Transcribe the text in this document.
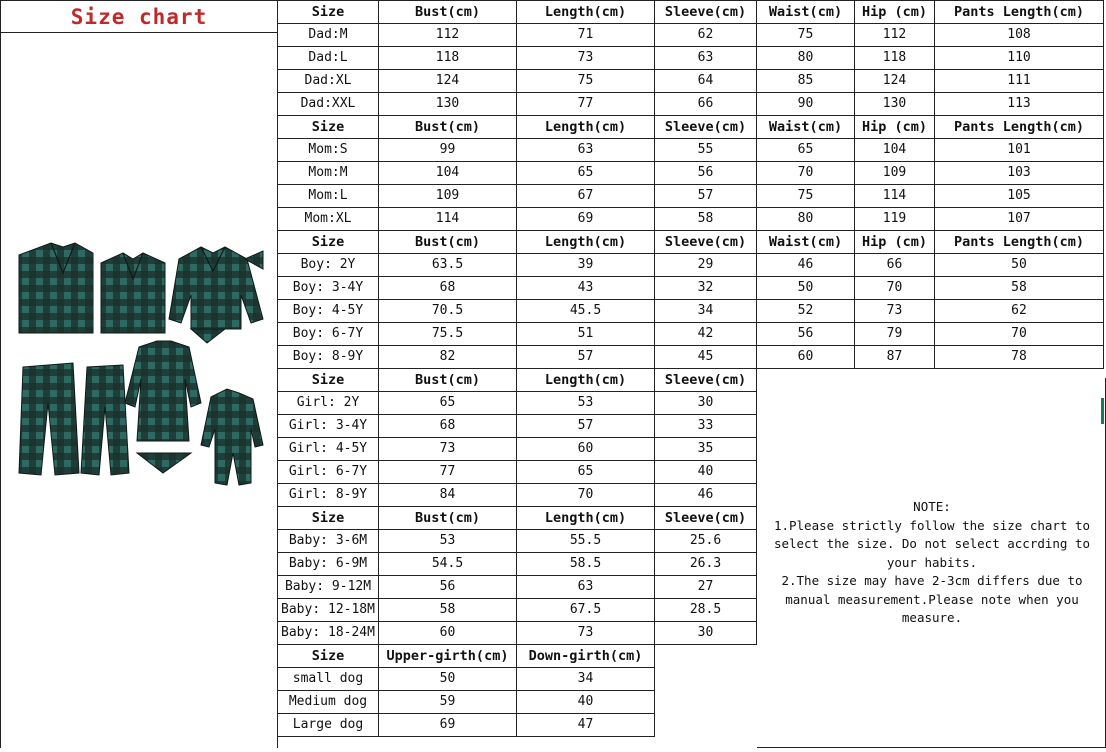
Size chart	Size	Bust(cm)	Length(cm)	Sleeve(cm)	Waist(cm)	Hip (cm)	Pants Length(cm)
Dad:M	112	71	62	75	112	108
Dad:L	118	73	63	80	118	110
Dad:XL	124	75	64	85	124	111
Dad:XXL	130	77	66	90	130	113
Size	Bust(cm)	Length(cm)	Sleeve(cm)	Waist(cm)	Hip (cm)	Pants Length(cm)
Mom:S	99	63	55	65	104	101
Mom:M	104	65	56	70	109	103
Mom:L	109	67	57	75	114	105
Mom:XL	114	69	58	80	119	107
Size	Bust(cm)	Length(cm)	Sleeve(cm)	Waist(cm)	Hip (cm)	Pants Length(cm)
Boy: 2Y	63.5	39	29	46	66	50
Boy: 3-4Y	68	43	32	50	70	58
Boy: 4-5Y	70.5	45.5	34	52	73	62
Boy: 6-7Y	75.5	51	42	56	79	70
Boy: 8-9Y	82	57	45	60	87	78
Size	Bust(cm)	Length(cm)	Sleeve(cm)			
Girl: 2Y	65	53	30			
Girl: 3-4Y	68	57	33			
Girl: 4-5Y	73	60	35			
Girl: 6-7Y	77	65	40			
Girl: 8-9Y	84	70	46			
Size	Bust(cm)	Length(cm)	Sleeve(cm)			
Baby: 3-6M	53	55.5	25.6			
Baby: 6-9M	54.5	58.5	26.3			
Baby: 9-12M	56	63	27			
Baby: 12-18M	58	67.5	28.5			
Baby: 18-24M	60	73	30			
Size	Upper-girth(cm)	Down-girth(cm)				
small dog	50	34				
Medium dog	59	40				
Large dog	69	47				
NOTE:
1.Please strictly follow the size chart to
select the size. Do not select accrding to
your habits.
2.The size may have 2-3cm differs due to
manual measurement.Please note when you
measure.
